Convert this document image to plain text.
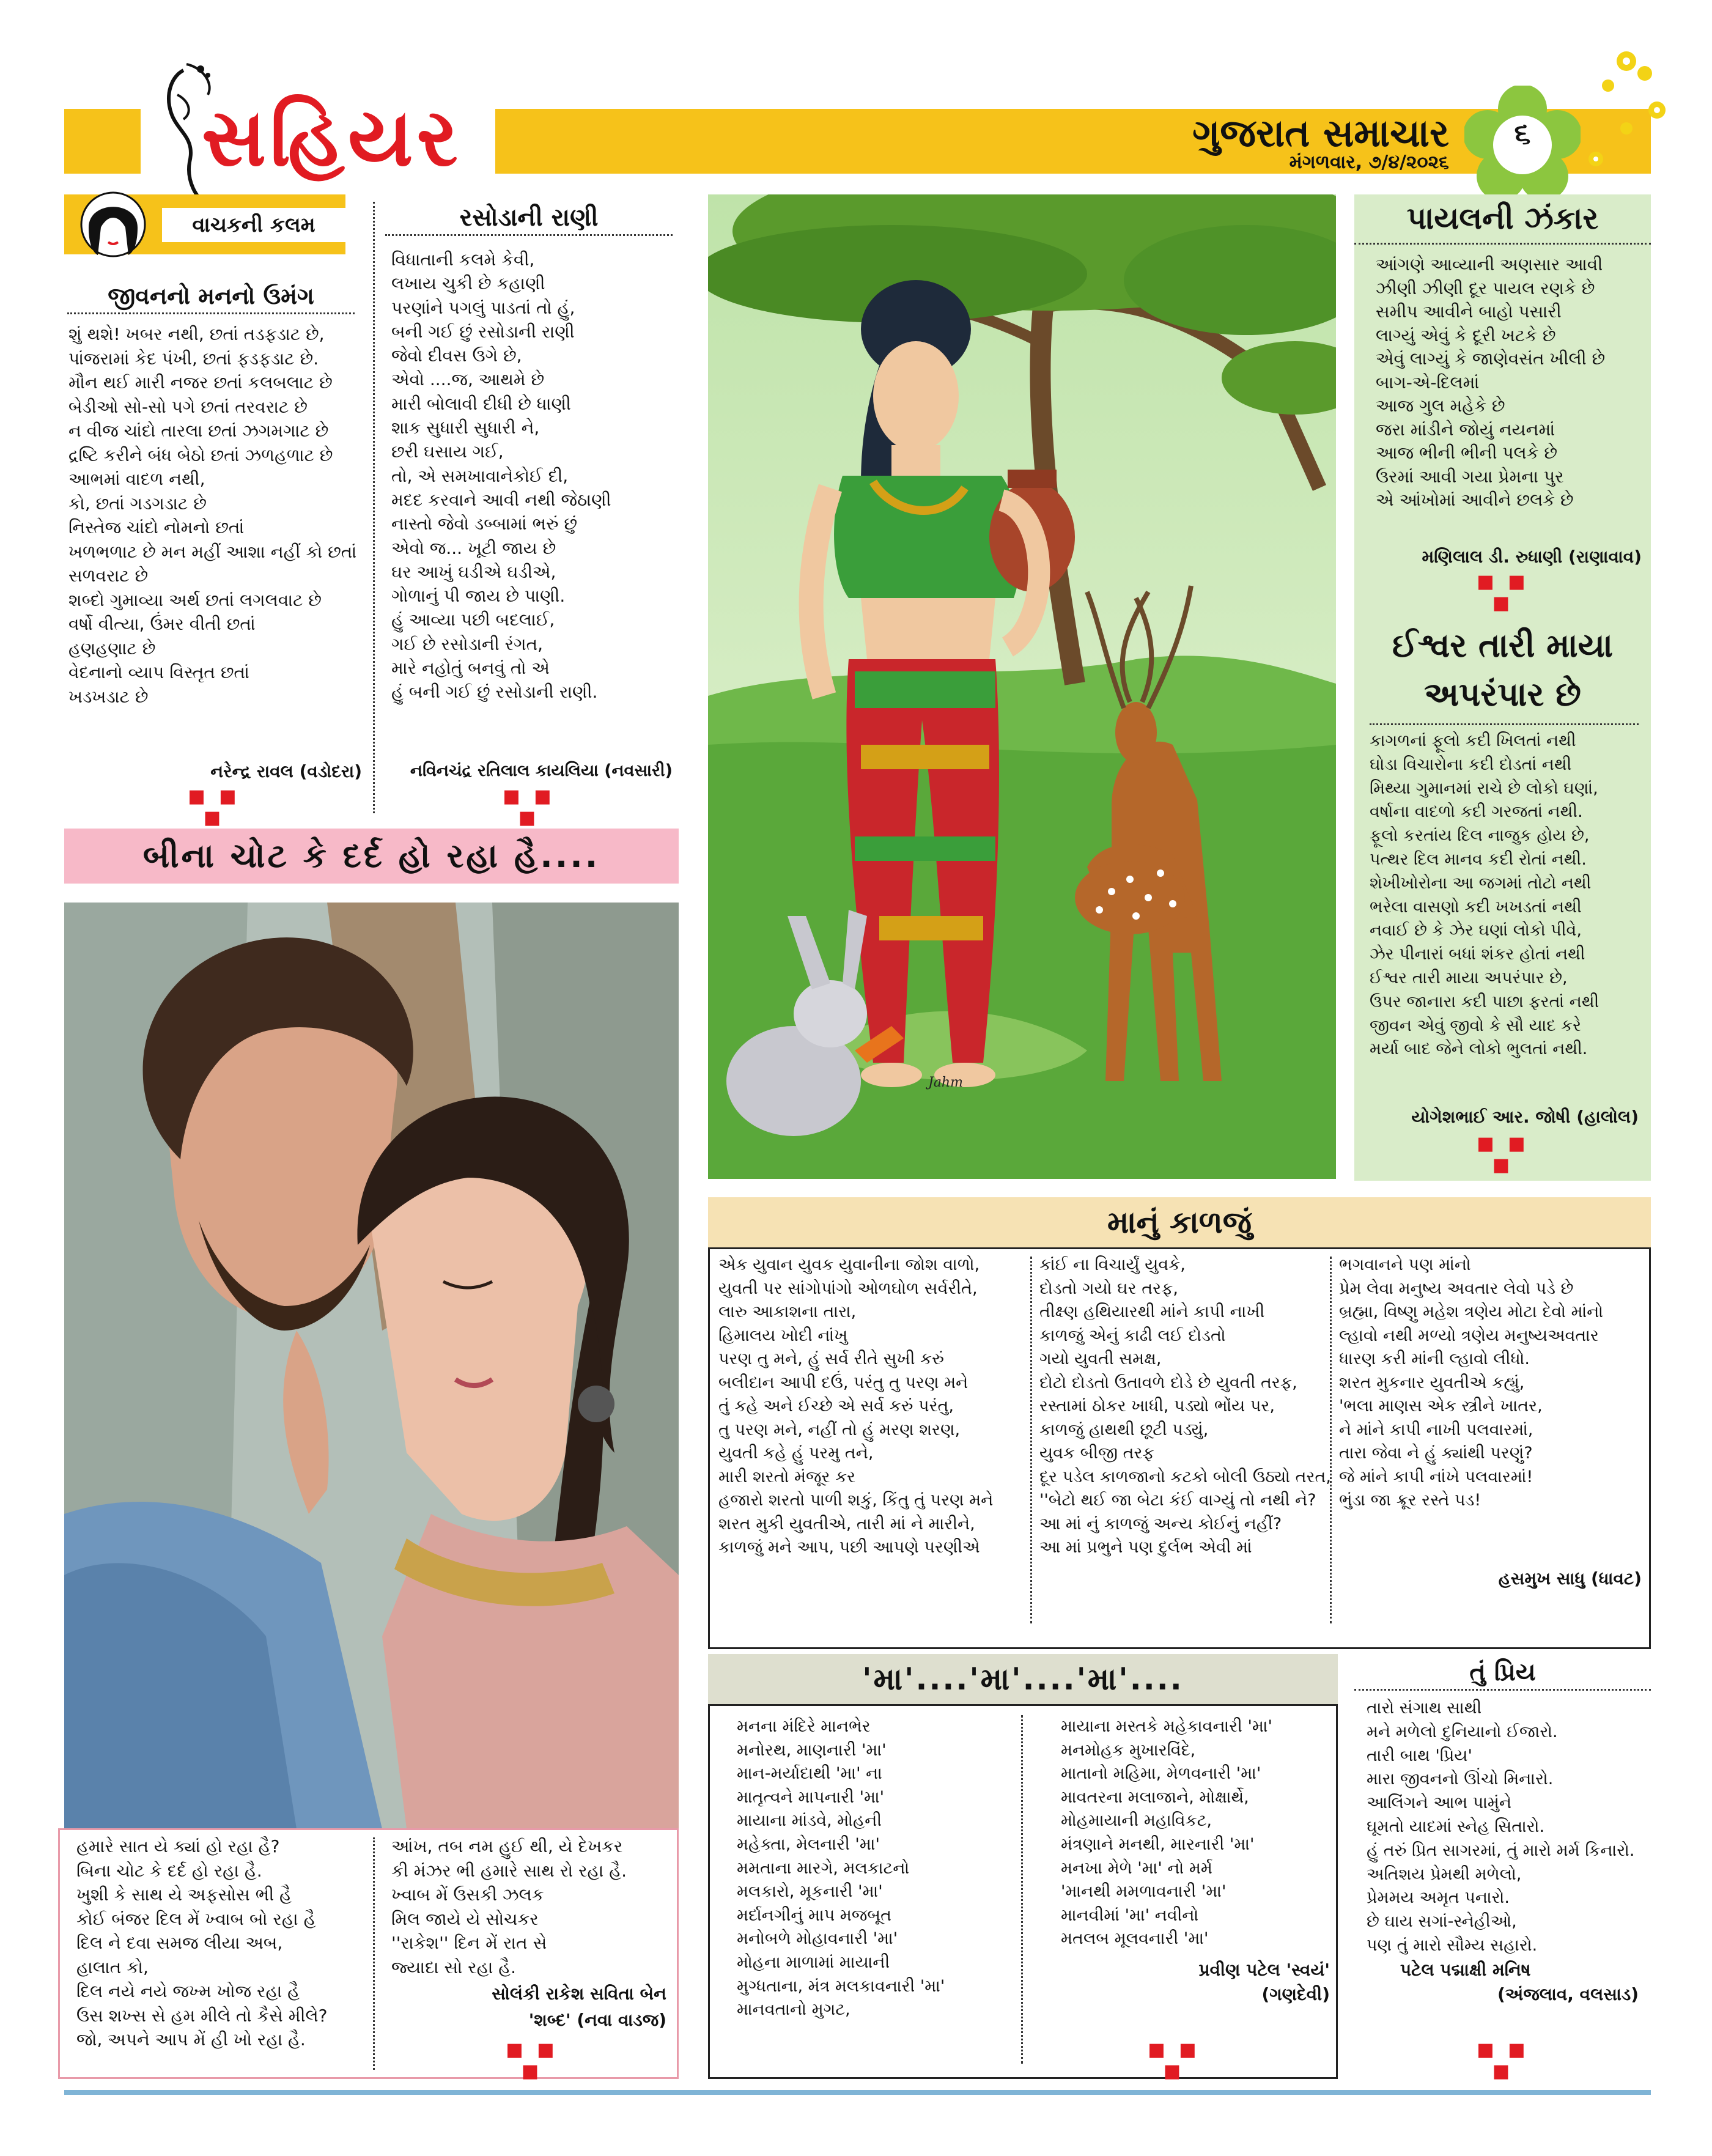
સહિયર	ગુજરાત સમાચાર
મંગળવાર, ૭/૪/૨૦૨૬
૬
વાચકની કલમ
જીવનનો મનનો ઉમંગ
શું થશે! ખબર નથી, છતાં તડફડાટ છે,
પાંજરામાં કેદ પંખી, છતાં ફડફડાટ છે.
મૌન થઈ મારી નજર છતાં કલબલાટ છે
બેડીઓ સો-સો પગે છતાં તરવરાટ છે
ન વીજ ચાંદો તારલા છતાં ઝગમગાટ છે
દ્રષ્ટિ કરીને બંધ બેઠો છતાં ઝળહળાટ છે
આભમાં વાદળ નથી,
કો, છતાં ગડગડાટ છે
નિસ્તેજ ચાંદો નોમનો છતાં
ખળભળાટ છે મન મહીં આશા નહીં કો છતાં
સળવરાટ છે
શબ્દો ગુમાવ્યા અર્થ છતાં લગલવાટ છે
વર્ષો વીત્યા, ઉંમર વીતી છતાં
હણહણાટ છે
વેદનાનો વ્યાપ વિસ્તૃત છતાં
ખડખડાટ છે
નરેન્દ્ર રાવલ (વડોદરા)
■ ■ ■
રસોડાની રાણી
વિધાતાની કલમે કેવી,
લખાય ચુકી છે કહાણી
પરણાંને પગલું પાડતાં તો હું,
બની ગઈ છું રસોડાની રાણી
જેવો દીવસ ઉગે છે,
એવો ....જ, આથમે છે
મારી બોલાવી દીધી છે ધાણી
શાક સુધારી સુધારી ને,
છરી ઘસાય ગઈ,
તો, એ સમખાવાનેકોઈ દી,
મદદ કરવાને આવી નથી જેઠાણી
નાસ્તો જેવો ડબ્બામાં ભરું છું
એવો જ... ખૂટી જાય છે
ઘર આખું ઘડીએ ઘડીએ,
ગોળાનું પી જાય છે પાણી.
હું આવ્યા પછી બદલાઈ,
ગઈ છે રસોડાની રંગત,
મારે નહોતું બનવું તો એ
હું બની ગઈ છું રસોડાની રાણી.
નવિનચંદ્ર રતિલાલ કાયલિયા (નવસારી)
■ ■ ■
બીના ચોટ કે દર્દ હો રહા હૈ....
હમારે સાત યે ક્યાં હો રહા હૈ?
બિના ચોટ કે દર્દ હો રહા હૈ.
ખુશી કે સાથ યે અફસોસ ભી હૈ
કોઈ બંજર દિલ મેં ખ્વાબ બો રહા હૈ
દિલ ને દવા સમજ લીયા અબ,
હાલાત કો,
દિલ નયે નયે જખ્મ ખોજ રહા હૈ
ઉસ શખ્સ સે હમ મીલે તો કૈસે મીલે?
જો, અપને આપ મેં હી ખો રહા હૈ.
આંખ, તબ નમ હુઈ થી, યે દેખકર
કી મંઝર ભી હમારે સાથ રો રહા હૈ.
ખ્વાબ મેં ઉસકી ઝલક
મિલ જાયે યે સોચકર
''રાકેશ'' દિન મેં રાત સે
જ્યાદા સો રહા હૈ.
સોલંકી રાકેશ સવિતા બેન
'શબ્દ' (નવા વાડજ)
■ ■ ■
Jahm
પાયલની ઝંકાર
આંગણે આવ્યાની અણસાર આવી
ઝીણી ઝીણી દૂર પાયલ રણકે છે
સમીપ આવીને બાહો પસારી
લાગ્યું એવું કે દૂરી ખટકે છે
એવું લાગ્યું કે જાણેવસંત ખીલી છે
બાગ-એ-દિલમાં
આજ ગુલ મહેકે છે
જરા માંડીને જોયું નયનમાં
આજ ભીની ભીની પલકે છે
ઉરમાં આવી ગયા પ્રેમના પુર
એ આંખોમાં આવીને છલકે છે
મણિલાલ ડી. રુધાણી (રાણાવાવ)
■ ■ ■
ઈશ્વર તારી માયા
અપરંપાર છે
કાગળનાં ફૂલો કદી ખિલતાં નથી
ઘોડા વિચારોના કદી દોડતાં નથી
મિથ્યા ગુમાનમાં રાચે છે લોકો ઘણાં,
વર્ષાના વાદળો કદી ગરજતાં નથી.
ફૂલો કરતાંય દિલ નાજુક હોય છે,
પત્થર દિલ માનવ કદી રોતાં નથી.
શેખીખોરોના આ જગમાં તોટો નથી
ભરેલા વાસણો કદી ખખડતાં નથી
નવાઈ છે કે ઝેર ઘણાં લોકો પીવે,
ઝેર પીનારાં બધાં શંકર હોતાં નથી
ઈશ્વર તારી માયા અપરંપાર છે,
ઉપર જાનારા કદી પાછા ફરતાં નથી
જીવન એવું જીવો કે સૌ યાદ કરે
મર્યા બાદ જેને લોકો ભુલતાં નથી.
યોગેશભાઈ આર. જોષી (હાલોલ)
■ ■ ■
માનું કાળજું
એક યુવાન યુવક યુવાનીના જોશ વાળો,
યુવતી પર સાંગોપાંગો ઓળઘોળ સર્વરીતે,
લારુ આકાશના તારા,
હિમાલય ખોદી નાંખુ
પરણ તુ મને, હું સર્વ રીતે સુખી કરું
બલીદાન આપી દઉં, પરંતુ તુ પરણ મને
તું કહે અને ઈચ્છે એ સર્વ કરું પરંતુ,
તુ પરણ મને, નહીં તો હું મરણ શરણ,
યુવતી કહે હું પરમુ તને,
મારી શરતો મંજૂર કર
હજારો શરતો પાળી શકું, કિંતુ તું પરણ મને
શરત મુકી યુવતીએ, તારી માં ને મારીને,
કાળજું મને આપ, પછી આપણે પરણીએ
કાંઈ ના વિચાર્યું યુવકે,
દોડતો ગયો ઘર તરફ,
તીક્ષ્ણ હથિયારથી માંને કાપી નાખી
કાળજું એનું કાઢી લઈ દોડતો
ગયો યુવતી સમક્ષ,
દોટો દોડતો ઉતાવળે દોડે છે યુવતી તરફ,
રસ્તામાં ઠોકર ખાધી, પડ્યો ભોંય પર,
કાળજું હાથથી છૂટી પડ્યું,
યુવક બીજી તરફ
દૂર પડેલ કાળજાનો કટકો બોલી ઉઠ્યો તરત,
''બેટો થઈ જા બેટા કંઈ વાગ્યું તો નથી ને?
આ માં નું કાળજું અન્ય કોઈનું નહીં?
આ માં પ્રભુને પણ દુર્લભ એવી માં
ભગવાનને પણ માંનો
પ્રેમ લેવા મનુષ્ય અવતાર લેવો પડે છે
બ્રહ્મા, વિષ્ણુ મહેશ ત્રણેય મોટા દેવો માંનો
લ્હાવો નથી મળ્યો ત્રણેય મનુષ્યઅવતાર
ધારણ કરી માંની લ્હાવો લીધો.
શરત મુકનાર યુવતીએ કહ્યું,
'ભલા માણસ એક સ્ત્રીને ખાતર,
ને માંને કાપી નાખી પલવારમાં,
તારા જેવા ને હું ક્યાંથી પરણું?
જે માંને કાપી નાંખે પલવારમાં!
ભુંડા જા ક્રૂર રસ્તે પડ!
હસમુખ સાધુ (ધાવટ)
'મા'....'મા'....'મા'....
મનના મંદિરે માનભેર
મનોરથ, માણનારી 'મા'
માન-મર્યાદાથી 'મા' ના
માતૃત્વને માપનારી 'મા'
માયાના માંડવે, મોહની
મહેક્તા, મેલનારી 'મા'
મમતાના મારગે, મલકાટનો
મલકારો, મૂકનારી 'મા'
મર્દાનગીનું માપ મજબૂત
મનોબળે મોહાવનારી 'મા'
મોહના માળામાં માયાની
મુગ્ધતાના, મંત્ર મલકાવનારી 'મા'
માનવતાનો મુગટ,
માયાના મસ્તકે મહેકાવનારી 'મા'
મનમોહક મુખારવિંદે,
માતાનો મહિમા, મેળવનારી 'મા'
માવતરના મલાજાને, મોક્ષાર્થે,
મોહમાયાની મહાવિકટ,
મંત્રણાને મનથી, મારનારી 'મા'
મનખા મેળે 'મા' નો મર્મ
'માનથી મમળાવનારી 'મા'
માનવીમાં 'મા' નવીનો
મતલબ મૂલવનારી 'મા'
પ્રવીણ પટેલ 'સ્વયં'
(ગણદેવી)
■ ■ ■
તું પ્રિય
તારો સંગાથ સાથી
મને મળેલો દુનિયાનો ઈજારો.
તારી બાથ 'પ્રિય'
મારા જીવનનો ઊંચો મિનારો.
આલિંગને આભ પામુંને
ઘૂમતો યાદમાં સ્નેહ સિતારો.
હું તરું પ્રિત સાગરમાં, તું મારો મર્મ કિનારો.
અતિશય પ્રેમથી મળેલો,
પ્રેમમય અમૃત પનારો.
છે ઘાય સગાં-સ્નેહીઓ,
પણ તું મારો સૌમ્ય સહારો.
પટેલ પદ્માક્ષી મનિષ
(અંજલાવ, વલસાડ)
■ ■ ■
